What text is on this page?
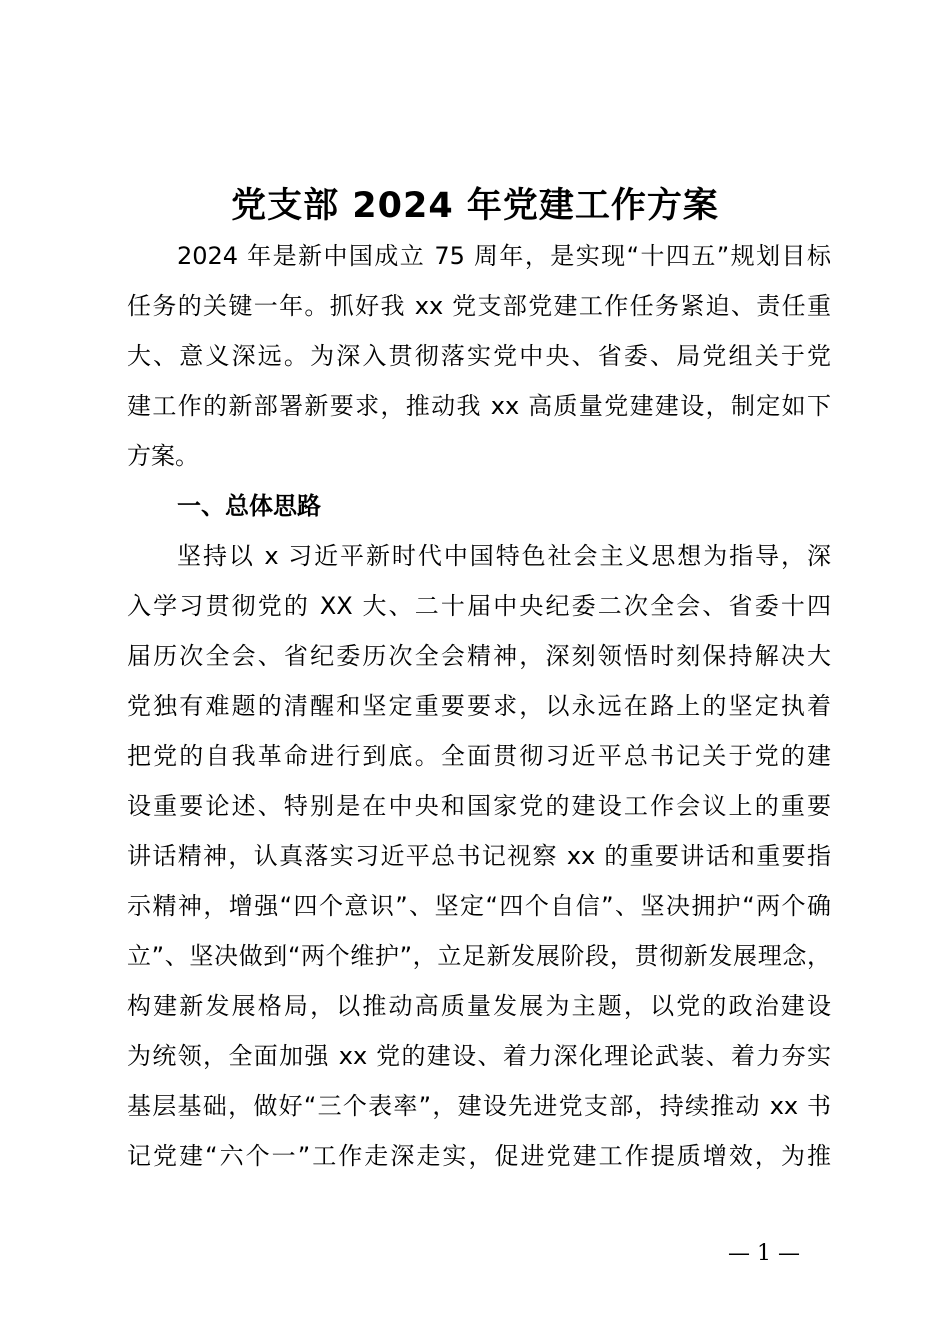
党支部 2024 年党建工作方案
2024 年是新中国成立 75 周年，是实现“十四五”规划目标
任务的关键一年。抓好我 xx 党支部党建工作任务紧迫、责任重
大、意义深远。为深入贯彻落实党中央、省委、局党组关于党
建工作的新部署新要求，推动我 xx 高质量党建建设，制定如下
方案。
一、总体思路
坚持以 x 习近平新时代中国特色社会主义思想为指导，深
入学习贯彻党的 XX 大、二十届中央纪委二次全会、省委十四
届历次全会、省纪委历次全会精神，深刻领悟时刻保持解决大
党独有难题的清醒和坚定重要要求，以永远在路上的坚定执着
把党的自我革命进行到底。全面贯彻习近平总书记关于党的建
设重要论述、特别是在中央和国家党的建设工作会议上的重要
讲话精神，认真落实习近平总书记视察 xx 的重要讲话和重要指
示精神，增强“四个意识”、坚定“四个自信”、坚决拥护“两个确
立”、坚决做到“两个维护”，立足新发展阶段，贯彻新发展理念，
构建新发展格局，以推动高质量发展为主题，以党的政治建设
为统领，全面加强 xx 党的建设、着力深化理论武装、着力夯实
基层基础，做好“三个表率”，建设先进党支部，持续推动 xx 书
记党建“六个一”工作走深走实，促进党建工作提质增效，为推
— 1 —
